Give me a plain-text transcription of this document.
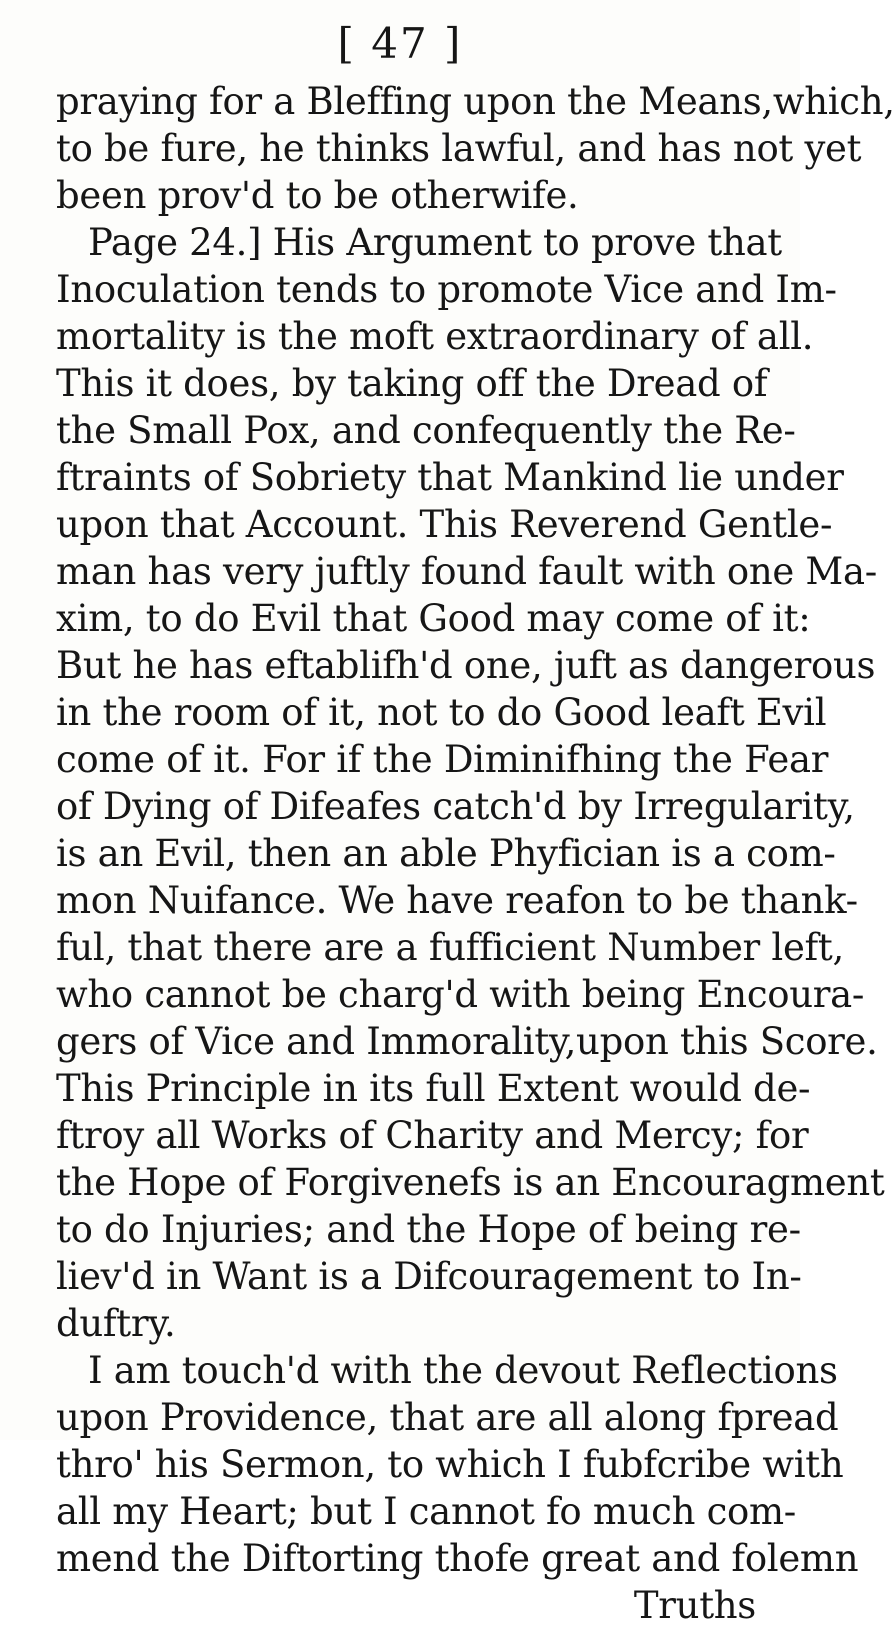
[ 47 ]
praying for a Bleffing upon the Means,which,
to be fure, he thinks lawful, and has not yet
been prov'd to be otherwife.
Page 24.] His Argument to prove that
Inoculation tends to promote Vice and Im-
mortality is the moft extraordinary of all.
This it does, by taking off the Dread of
the Small Pox, and confequently the Re-
ftraints of Sobriety that Mankind lie under
upon that Account. This Reverend Gentle-
man has very juftly found fault with one Ma-
xim, to do Evil that Good may come of it:
But he has eftablifh'd one, juft as dangerous
in the room of it, not to do Good leaft Evil
come of it. For if the Diminifhing the Fear
of Dying of Difeafes catch'd by Irregularity,
is an Evil, then an able Phyfician is a com-
mon Nuifance. We have reafon to be thank-
ful, that there are a fufficient Number left,
who cannot be charg'd with being Encoura-
gers of Vice and Immorality,upon this Score.
This Principle in its full Extent would de-
ftroy all Works of Charity and Mercy; for
the Hope of Forgivenefs is an Encouragment
to do Injuries; and the Hope of being re-
liev'd in Want is a Difcouragement to In-
duftry.
I am touch'd with the devout Reflections
upon Providence, that are all along fpread
thro' his Sermon, to which I fubfcribe with
all my Heart; but I cannot fo much com-
mend the Diftorting thofe great and folemn
Truths
